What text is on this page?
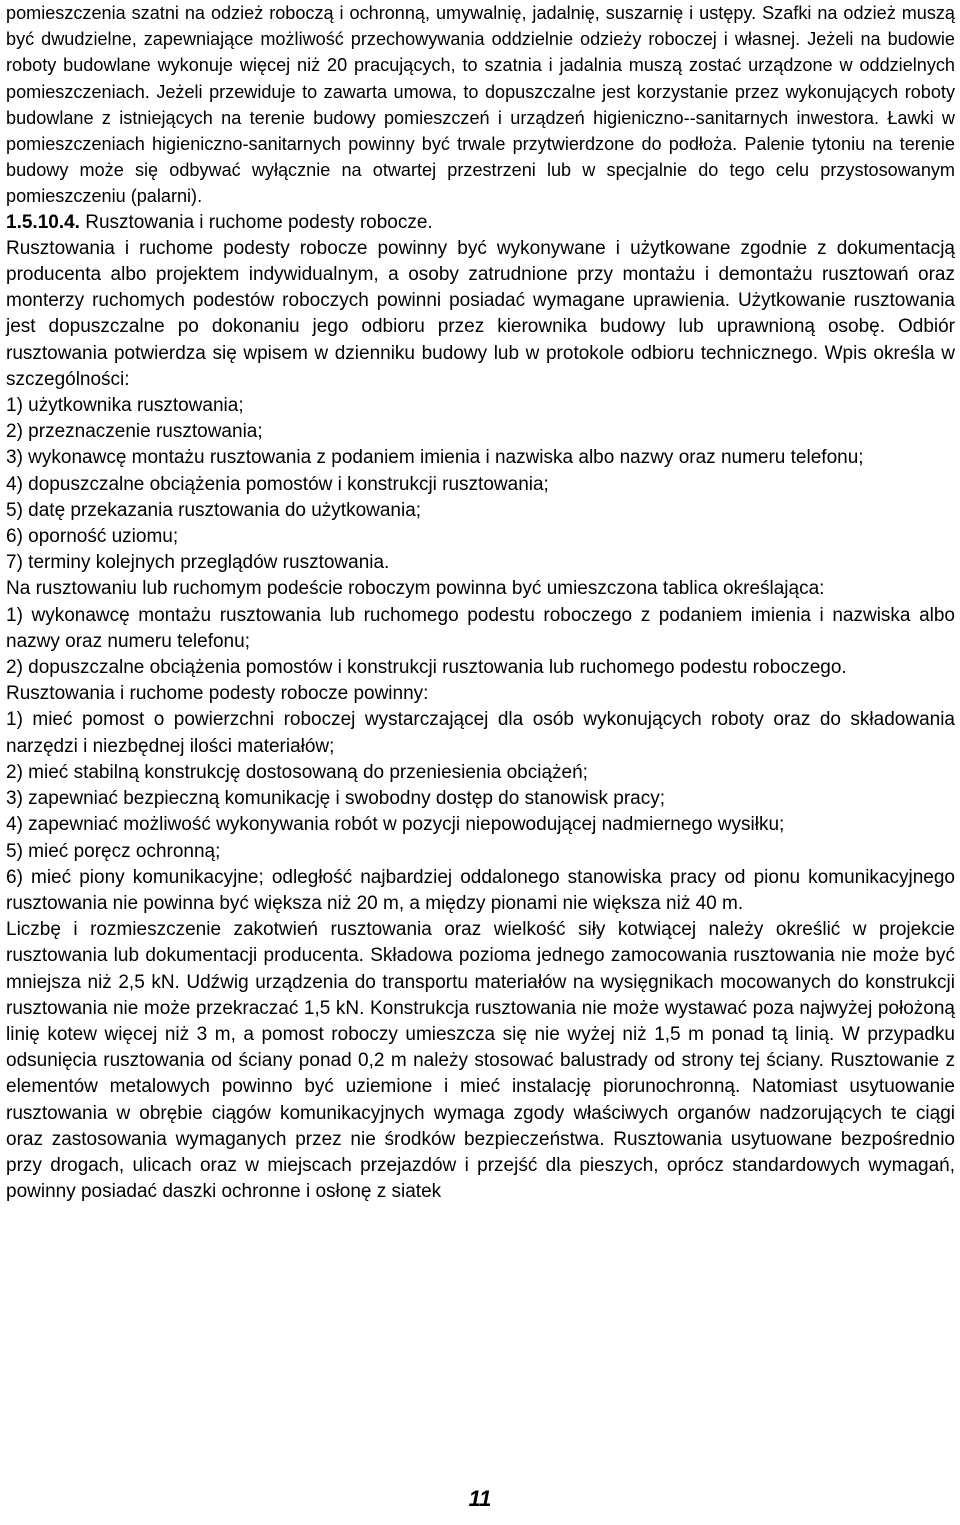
pomieszczenia szatni na odzież roboczą i ochronną, umywalnię, jadalnię, suszarnię i ustępy. Szafki na odzież muszą być dwudzielne, zapewniające możliwość przechowywania oddzielnie odzieży roboczej i własnej. Jeżeli na budowie roboty budowlane wykonuje więcej niż 20 pracujących, to szatnia i jadalnia muszą zostać urządzone w oddzielnych pomieszczeniach. Jeżeli przewiduje to zawarta umowa, to dopuszczalne jest korzystanie przez wykonujących roboty budowlane z istniejących na terenie budowy pomieszczeń i urządzeń higieniczno--sanitarnych inwestora. Ławki w pomieszczeniach higieniczno-sanitarnych powinny być trwale przytwierdzone do podłoża. Palenie tytoniu na terenie budowy może się odbywać wyłącznie na otwartej przestrzeni lub w specjalnie do tego celu przystosowanym pomieszczeniu (palarni).

1.5.10.4. Rusztowania i ruchome podesty robocze.

Rusztowania i ruchome podesty robocze powinny być wykonywane i użytkowane zgodnie z dokumentacją producenta albo projektem indywidualnym, a osoby zatrudnione przy montażu i demontażu rusztowań oraz monterzy ruchomych podestów roboczych powinni posiadać wymagane uprawienia. Użytkowanie rusztowania jest dopuszczalne po dokonaniu jego odbioru przez kierownika budowy lub uprawnioną osobę. Odbiór rusztowania potwierdza się wpisem w dzienniku budowy lub w protokole odbioru technicznego. Wpis określa w szczególności:

1) użytkownika rusztowania;

2) przeznaczenie rusztowania;

3) wykonawcę montażu rusztowania z podaniem imienia i nazwiska albo nazwy oraz numeru telefonu;

4) dopuszczalne obciążenia pomostów i konstrukcji rusztowania;

5) datę przekazania rusztowania do użytkowania;

6) oporność uziomu;

7) terminy kolejnych przeglądów rusztowania.

Na rusztowaniu lub ruchomym podeście roboczym powinna być umieszczona tablica określająca:

1) wykonawcę montażu rusztowania lub ruchomego podestu roboczego z podaniem imienia i nazwiska albo nazwy oraz numeru telefonu;

2) dopuszczalne obciążenia pomostów i konstrukcji rusztowania lub ruchomego podestu roboczego.

Rusztowania i ruchome podesty robocze powinny:

1) mieć pomost o powierzchni roboczej wystarczającej dla osób wykonujących roboty oraz do składowania narzędzi i niezbędnej ilości materiałów;

2) mieć stabilną konstrukcję dostosowaną do przeniesienia obciążeń;

3) zapewniać bezpieczną komunikację i swobodny dostęp do stanowisk pracy;

4) zapewniać możliwość wykonywania robót w pozycji niepowodującej nadmiernego wysiłku;

5) mieć poręcz ochronną;

6) mieć piony komunikacyjne; odległość najbardziej oddalonego stanowiska pracy od pionu komunikacyjnego rusztowania nie powinna być większa niż 20 m, a między pionami nie większa niż 40 m.

Liczbę i rozmieszczenie zakotwień rusztowania oraz wielkość siły kotwiącej należy określić w projekcie rusztowania lub dokumentacji producenta. Składowa pozioma jednego zamocowania rusztowania nie może być mniejsza niż 2,5 kN. Udźwig urządzenia do transportu materiałów na wysięgnikach mocowanych do konstrukcji rusztowania nie może przekraczać 1,5 kN. Konstrukcja rusztowania nie może wystawać poza najwyżej położoną linię kotew więcej niż 3 m, a pomost roboczy umieszcza się nie wyżej niż 1,5 m ponad tą linią. W przypadku odsunięcia rusztowania od ściany ponad 0,2 m należy stosować balustrady od strony tej ściany. Rusztowanie z elementów metalowych powinno być uziemione i mieć instalację piorunochronną. Natomiast usytuowanie rusztowania w obrębie ciągów komunikacyjnych wymaga zgody właściwych organów nadzorujących te ciągi oraz zastosowania wymaganych przez nie środków bezpieczeństwa. Rusztowania usytuowane bezpośrednio przy drogach, ulicach oraz w miejscach przejazdów i przejść dla pieszych, oprócz standardowych wymagań, powinny posiadać daszki ochronne i osłonę z siatek

11
